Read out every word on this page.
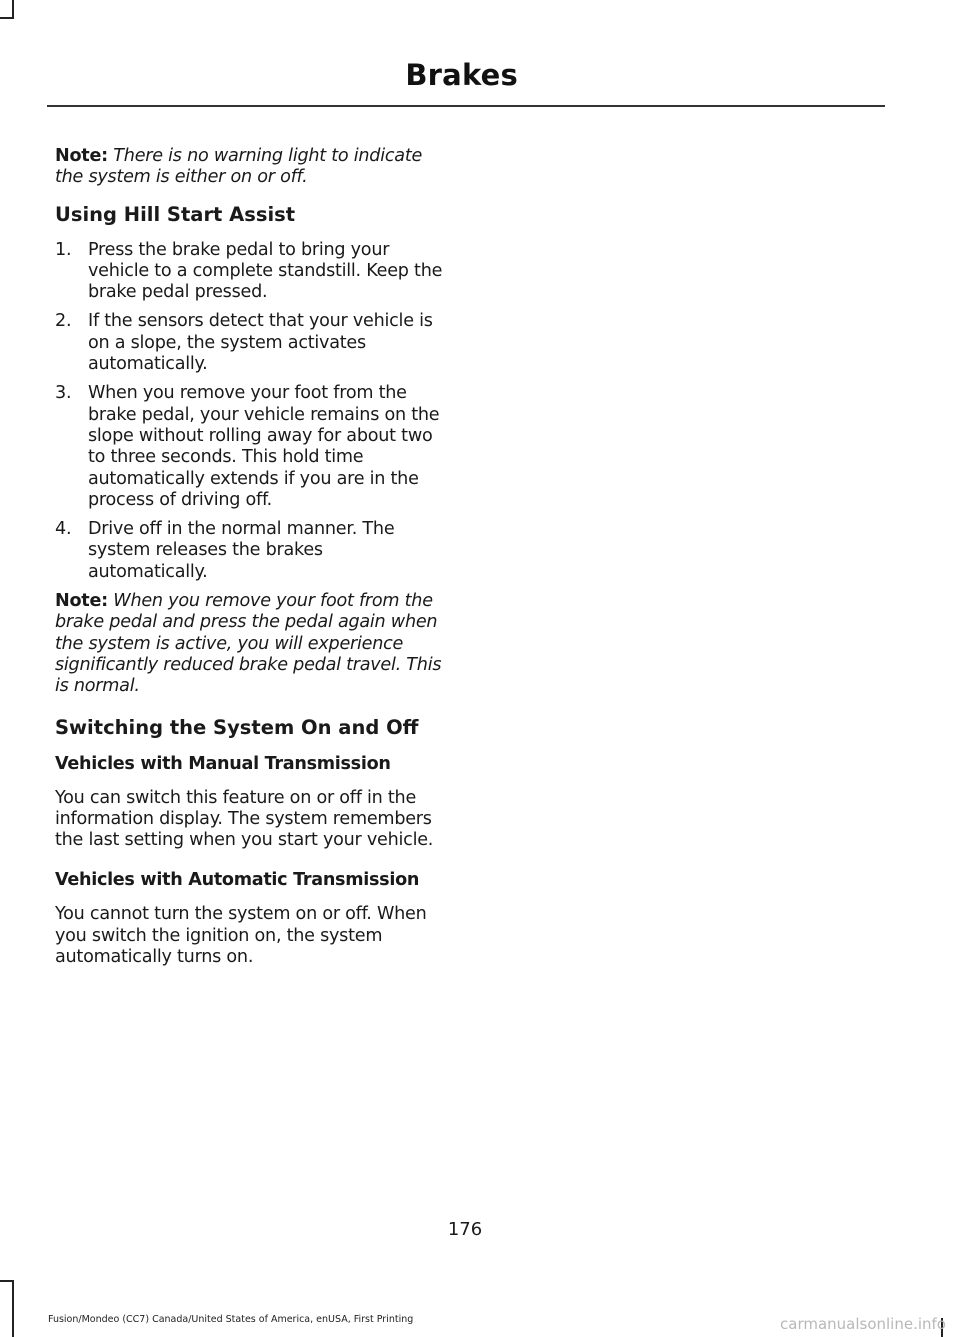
Brakes

Note: There is no warning light to indicate the system is either on or off.

Using Hill Start Assist
1. Press the brake pedal to bring your vehicle to a complete standstill. Keep the brake pedal pressed.
2. If the sensors detect that your vehicle is on a slope, the system activates automatically.
3. When you remove your foot from the brake pedal, your vehicle remains on the slope without rolling away for about two to three seconds. This hold time automatically extends if you are in the process of driving off.
4. Drive off in the normal manner. The system releases the brakes automatically.

Note: When you remove your foot from the brake pedal and press the pedal again when the system is active, you will experience significantly reduced brake pedal travel. This is normal.

Switching the System On and Off
Vehicles with Manual Transmission

You can switch this feature on or off in the information display. The system remembers the last setting when you start your vehicle.

Vehicles with Automatic Transmission

You cannot turn the system on or off. When you switch the ignition on, the system automatically turns on.

176

Fusion/Mondeo (CC7) Canada/United States of America, enUSA, First Printing	carmanualsonline.info
